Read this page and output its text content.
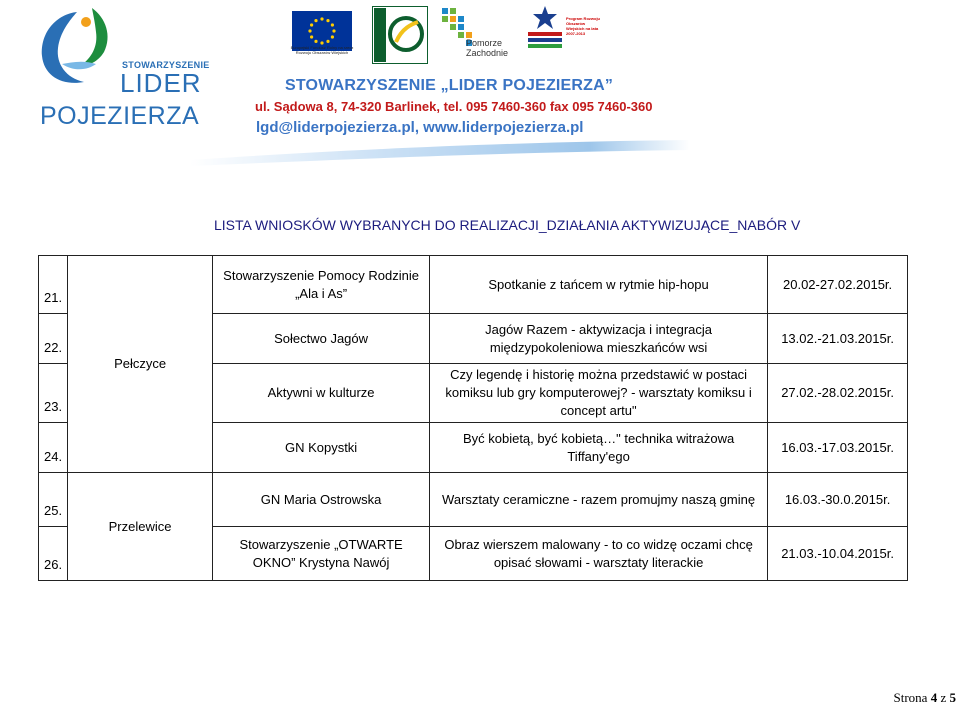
STOWARZYSZENIE
LIDER
POJEZIERZA
Europejski Fundusz Rolny na rzecz Rozwoju Obszarów Wiejskich
Pomorze
Zachodnie
Program Rozwoju Obszarów Wiejskich na lata 2007-2013
STOWARZYSZENIE „LIDER POJEZIERZA”
ul. Sądowa 8, 74-320 Barlinek, tel. 095 7460-360 fax 095 7460-360
lgd@liderpojezierza.pl, www.liderpojezierza.pl
LISTA WNIOSKÓW WYBRANYCH DO REALIZACJI_DZIAŁANIA AKTYWIZUJĄCE_NABÓR V
21.	Pełczyce	Stowarzyszenie Pomocy Rodzinie „Ala i As”	Spotkanie z tańcem w rytmie hip-hopu	20.02-27.02.2015r.
22.		Sołectwo Jagów	Jagów Razem - aktywizacja i integracja międzypokoleniowa mieszkańców wsi	13.02.-21.03.2015r.
23.		Aktywni w kulturze	Czy legendę i historię można przedstawić w postaci komiksu lub gry komputerowej? - warsztaty komiksu i concept artu"	27.02.-28.02.2015r.
24.		GN Kopystki	Być kobietą, być kobietą…" technika witrażowa Tiffany'ego	16.03.-17.03.2015r.
25.	Przelewice	GN Maria Ostrowska	Warsztaty ceramiczne - razem promujmy naszą gminę	16.03.-30.0.2015r.
26.		Stowarzyszenie „OTWARTE OKNO” Krystyna Nawój	Obraz wierszem malowany - to co widzę oczami chcę opisać słowami - warsztaty literackie	21.03.-10.04.2015r.
Strona 4 z 5
